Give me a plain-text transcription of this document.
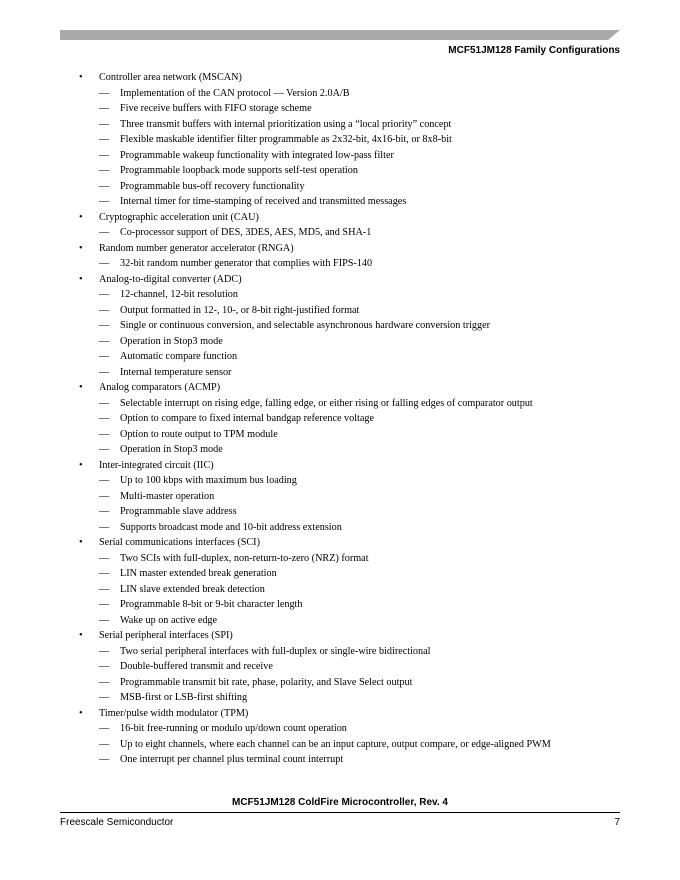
MCF51JM128 Family Configurations
• Controller area network (MSCAN)
— Implementation of the CAN protocol — Version 2.0A/B
— Five receive buffers with FIFO storage scheme
— Three transmit buffers with internal prioritization using a “local priority” concept
— Flexible maskable identifier filter programmable as 2x32-bit, 4x16-bit, or 8x8-bit
— Programmable wakeup functionality with integrated low-pass filter
— Programmable loopback mode supports self-test operation
— Programmable bus-off recovery functionality
— Internal timer for time-stamping of received and transmitted messages
• Cryptographic acceleration unit (CAU)
— Co-processor support of DES, 3DES, AES, MD5, and SHA-1
• Random number generator accelerator (RNGA)
— 32-bit random number generator that complies with FIPS-140
• Analog-to-digital converter (ADC)
— 12-channel, 12-bit resolution
— Output formatted in 12-, 10-, or 8-bit right-justified format
— Single or continuous conversion, and selectable asynchronous hardware conversion trigger
— Operation in Stop3 mode
— Automatic compare function
— Internal temperature sensor
• Analog comparators (ACMP)
— Selectable interrupt on rising edge, falling edge, or either rising or falling edges of comparator output
— Option to compare to fixed internal bandgap reference voltage
— Option to route output to TPM module
— Operation in Stop3 mode
• Inter-integrated circuit (IIC)
— Up to 100 kbps with maximum bus loading
— Multi-master operation
— Programmable slave address
— Supports broadcast mode and 10-bit address extension
• Serial communications interfaces (SCI)
— Two SCIs with full-duplex, non-return-to-zero (NRZ) format
— LIN master extended break generation
— LIN slave extended break detection
— Programmable 8-bit or 9-bit character length
— Wake up on active edge
• Serial peripheral interfaces (SPI)
— Two serial peripheral interfaces with full-duplex or single-wire bidirectional
— Double-buffered transmit and receive
— Programmable transmit bit rate, phase, polarity, and Slave Select output
— MSB-first or LSB-first shifting
• Timer/pulse width modulator (TPM)
— 16-bit free-running or modulo up/down count operation
— Up to eight channels, where each channel can be an input capture, output compare, or edge-aligned PWM
— One interrupt per channel plus terminal count interrupt
MCF51JM128 ColdFire Microcontroller, Rev. 4
Freescale Semiconductor	7
